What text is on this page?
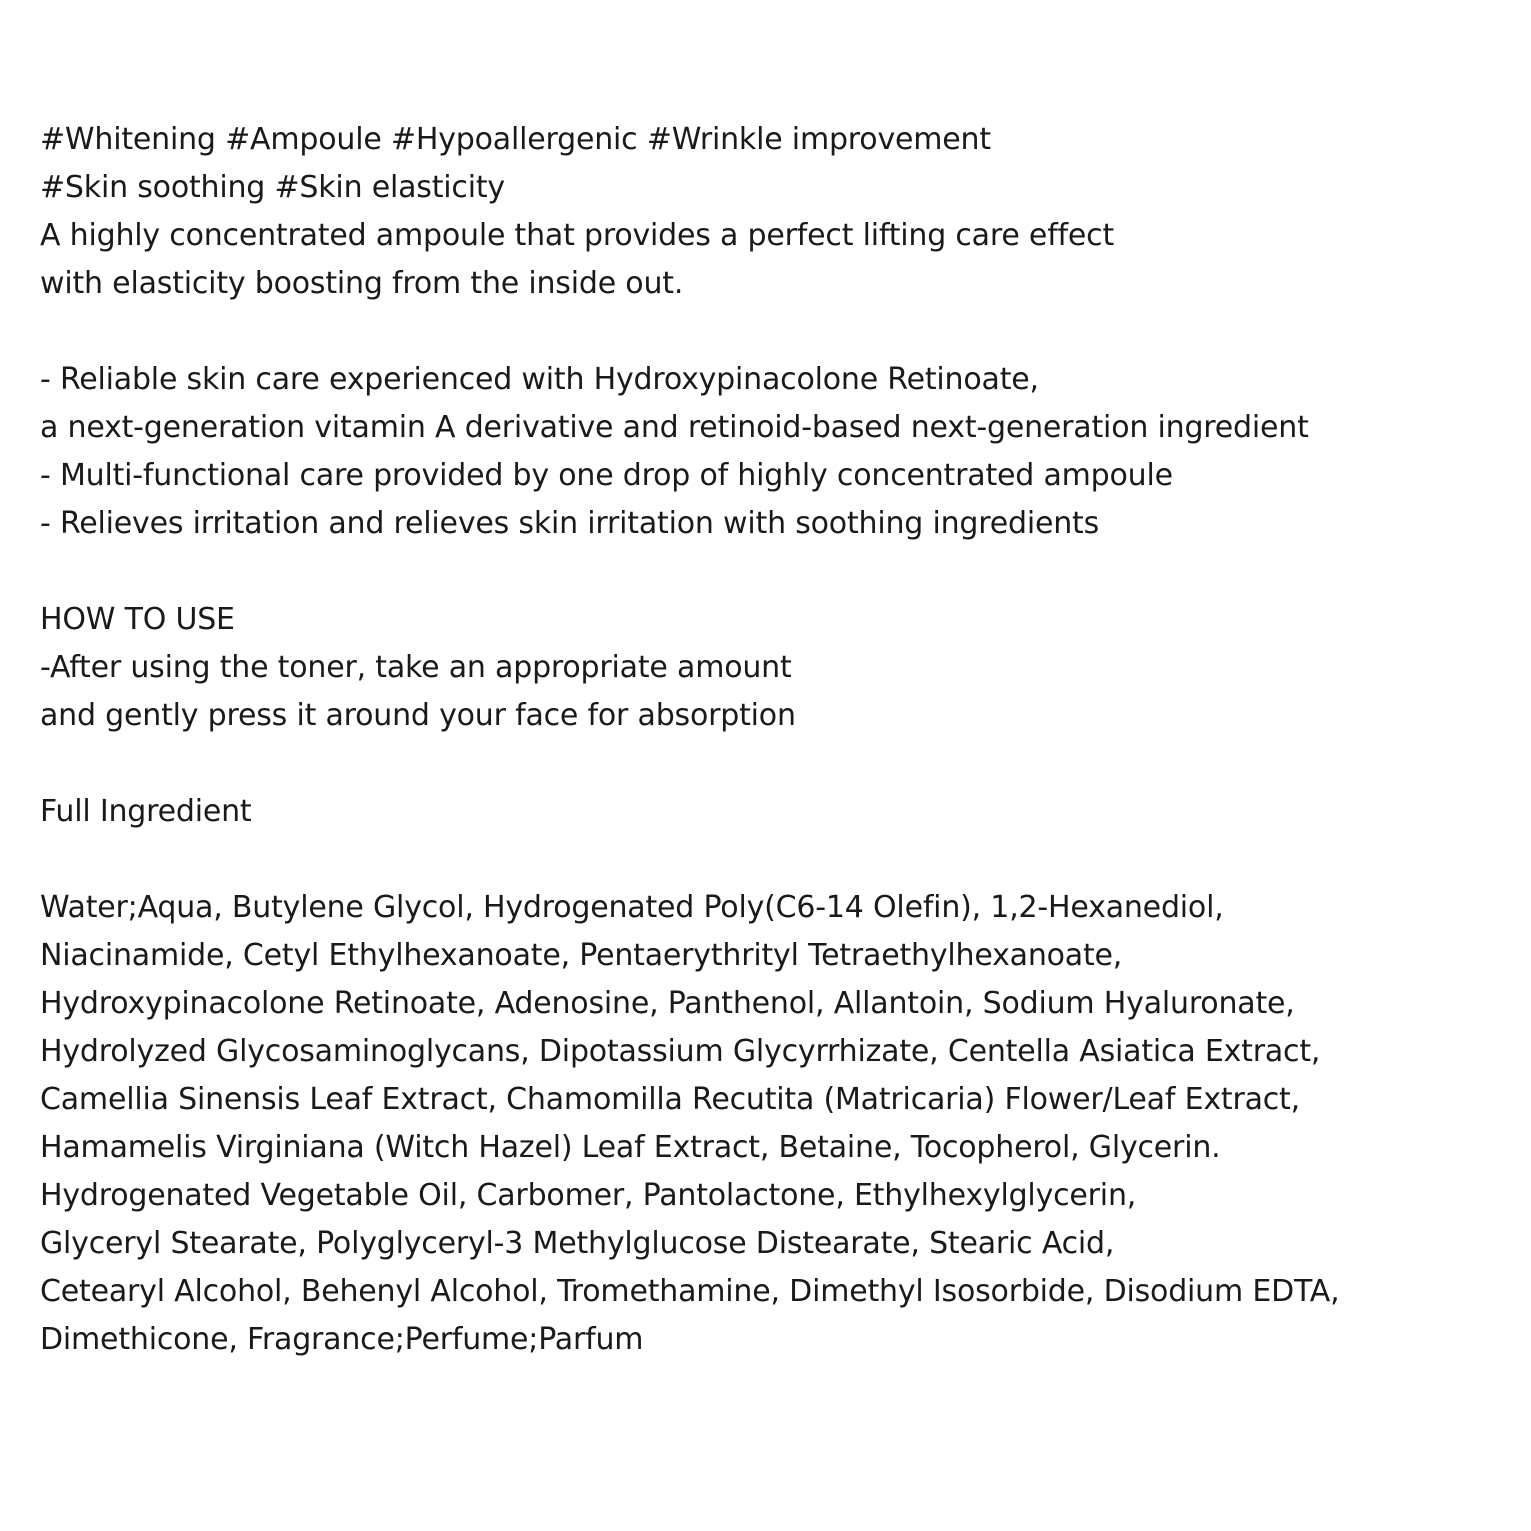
#Whitening #Ampoule #Hypoallergenic #Wrinkle improvement
#Skin soothing #Skin elasticity
A highly concentrated ampoule that provides a perfect lifting care effect
with elasticity boosting from the inside out.
- Reliable skin care experienced with Hydroxypinacolone Retinoate,
a next-generation vitamin A derivative and retinoid-based next-generation ingredient
- Multi-functional care provided by one drop of highly concentrated ampoule
- Relieves irritation and relieves skin irritation with soothing ingredients
HOW TO USE
-After using the toner, take an appropriate amount
and gently press it around your face for absorption
Full Ingredient
Water;Aqua, Butylene Glycol, Hydrogenated Poly(C6-14 Olefin), 1,2-Hexanediol,
Niacinamide, Cetyl Ethylhexanoate, Pentaerythrityl Tetraethylhexanoate,
Hydroxypinacolone Retinoate, Adenosine, Panthenol, Allantoin, Sodium Hyaluronate,
Hydrolyzed Glycosaminoglycans, Dipotassium Glycyrrhizate, Centella Asiatica Extract,
Camellia Sinensis Leaf Extract, Chamomilla Recutita (Matricaria) Flower/Leaf Extract,
Hamamelis Virginiana (Witch Hazel) Leaf Extract, Betaine, Tocopherol, Glycerin.
Hydrogenated Vegetable Oil, Carbomer, Pantolactone, Ethylhexylglycerin,
Glyceryl Stearate, Polyglyceryl-3 Methylglucose Distearate, Stearic Acid,
Cetearyl Alcohol, Behenyl Alcohol, Tromethamine, Dimethyl Isosorbide, Disodium EDTA,
Dimethicone, Fragrance;Perfume;Parfum
